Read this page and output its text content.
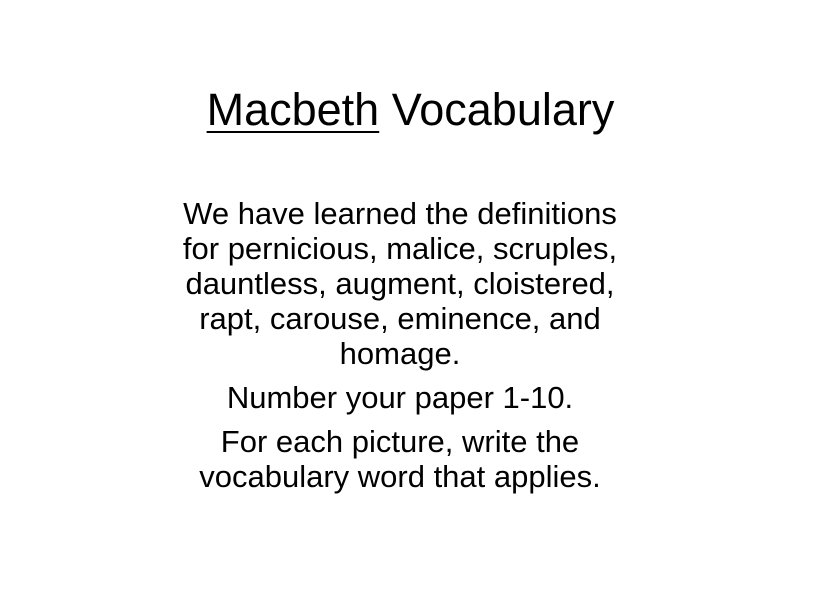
Macbeth Vocabulary

We have learned the definitions
for pernicious, malice, scruples,
dauntless, augment, cloistered,
rapt, carouse, eminence, and
homage.

Number your paper 1-10.

For each picture, write the
vocabulary word that applies.
